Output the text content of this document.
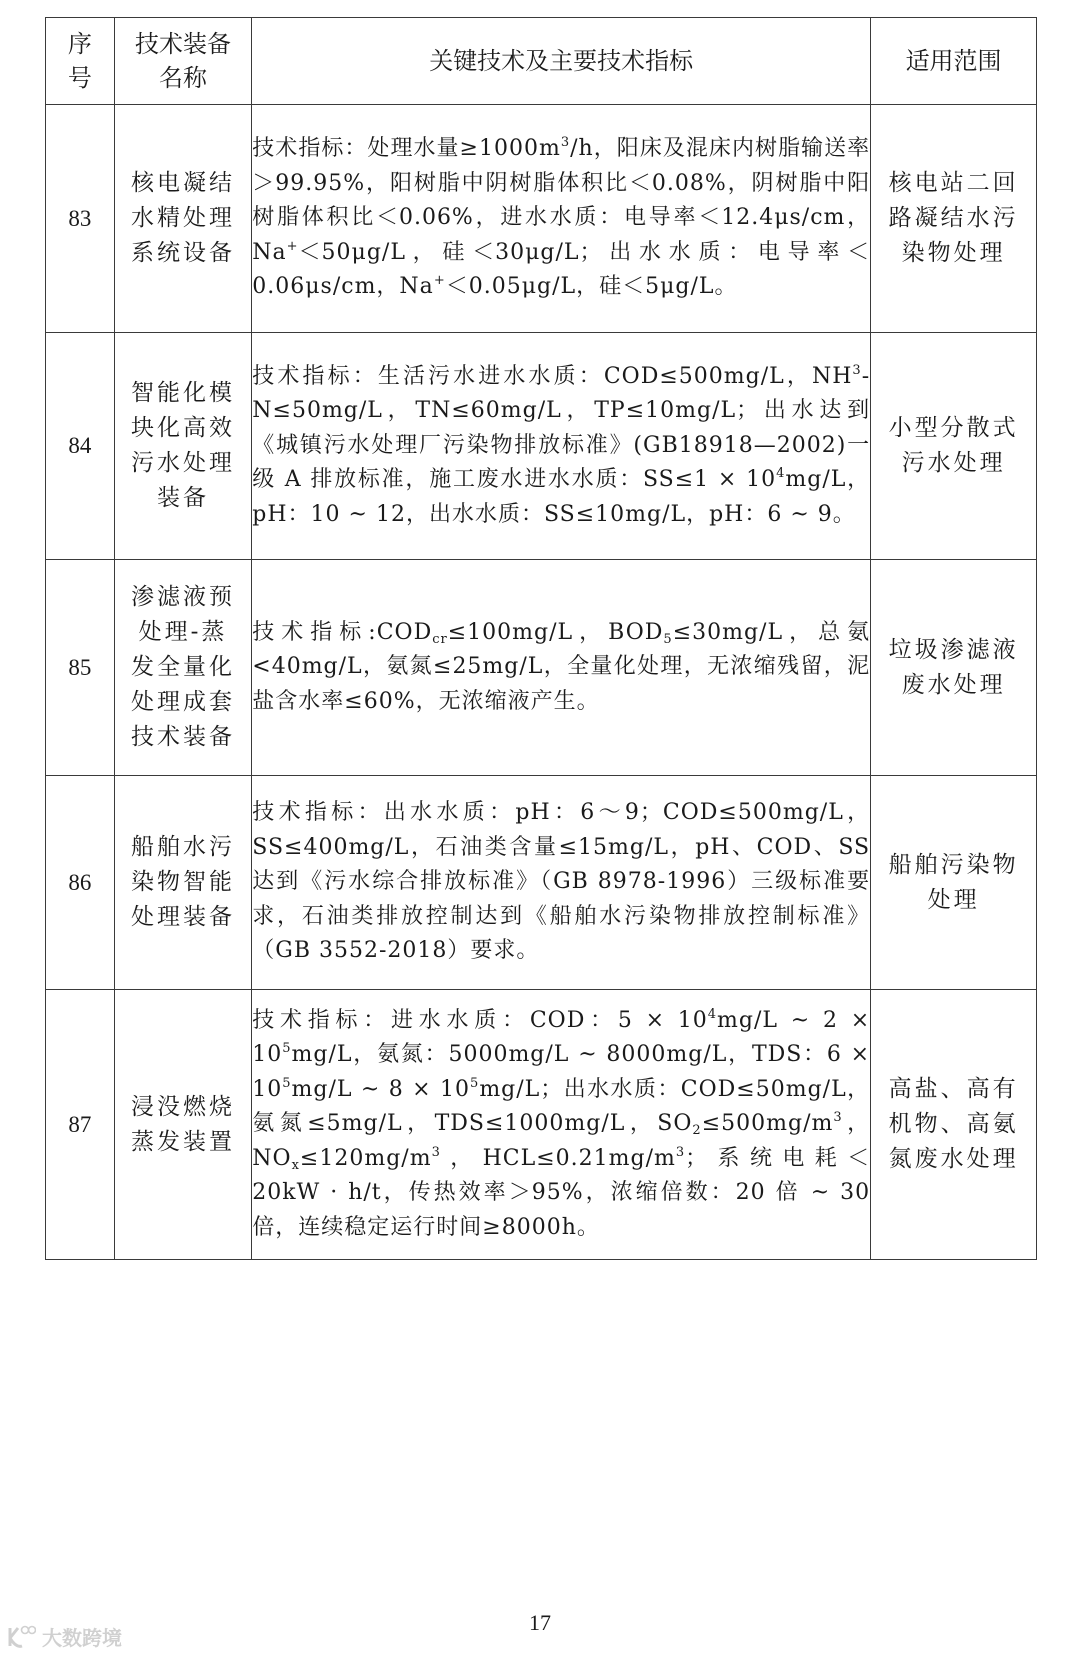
序
号	技术装备
名称	关键技术及主要技术指标	适用范围
83	核电凝结
水精处理
系统设备	技术指标：处理水量$\ge 1000m^3/h$，阳床及混床内树脂输送率＞99.95%，阳树脂中阴树脂体积比＜0.08%，阴树脂中阳树脂体积比＜0.06%，进水水质：电导率＜12.4μs/cm，Na+＜50μg/L，硅＜30μg/L；出水水质：电导率＜0.06μs/cm，Na+＜0.05μg/L，硅＜5μg/L。	核电站二回
路凝结水污
染物处理
84	智能化模
块化高效
污水处理
装备	技术指标：生活污水进水水质：COD≤500mg/L，$NH^3-N\le 50mg/L$，TN≤60mg/L，TP≤10mg/L；出水达到《城镇污水处理厂污染物排放标准》(GB18918—2002)一级 A 排放标准，施工废水进水水质：$SS\le 1 \times 10^4mg/L$，pH：10 ~ 12，出水水质：SS≤10mg/L，pH：6 ~ 9。	小型分散式
污水处理
85	渗滤液预
处理-蒸
发全量化
处理成套
技术装备	技术指标$:COD_{cr}\le 100mg/L$，$BOD_5\le 30mg/L$，总氨<40mg/L，氨氮≤25mg/L，全量化处理，无浓缩残留，泥盐含水率≤60%，无浓缩液产生。	垃圾渗滤液
废水处理
86	船舶水污
染物智能
处理装备	技术指标：出水水质：pH：6～9；COD≤500mg/L，SS≤400mg/L，石油类含量≤15mg/L，pH、COD、SS达到《污水综合排放标准》（GB 8978-1996）三级标准要求，石油类排放控制达到《船舶水污染物排放控制标准》（GB 3552-2018）要求。	船舶污染物
处理
87	浸没燃烧
蒸发装置	技术指标：进水水质：COD：$5 \times 10^4mg/L$ ~ $2 \times 10^5mg/L$，氨氮：5000mg/L ~ 8000mg/L，TDS：$6 \times 10^5mg/L$ ~ $8 \times 10^5mg/L$；出水水质：COD≤50mg/L，氨氮≤5mg/L，TDS≤1000mg/L，$SO_2\le 500mg/m^3$，$NO_x\le 120mg/m^3$，$HCL\le 0.21mg/m^3$；系统电耗＜20kW · h/t，传热效率＞95%，浓缩倍数：20 倍 ~ 30 倍，连续稳定运行时间≥8000h。	高盐、高有
机物、高氨
氮废水处理
大数跨境
17
